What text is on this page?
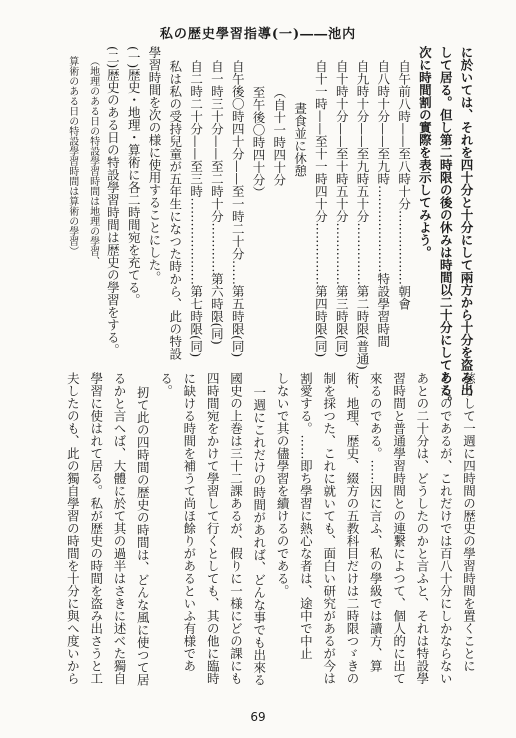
私の歴史學習指導(一)――池内
に於いては、それを四十分と十分にして兩方から十分を盗み出
して居る。但し第二時限の後の休みは時間以二十分にしてある。
次に時間割の實際を表示してみよう。
自午前八時——至八時十分………………朝會
自八時十分——至九時…………………特設學習時間
自九時十分——至九時五十分……………第二時限(普通)
自十時十分——至十時五十分……………第三時限(同)
自十一時——至十一時四十分……………第四時限(同)
晝食並に休憩
（自十一時四十分
至午後〇時四十分）
自午後〇時四十分——至一時二十分……第五時限(同)
自一時三十分——至二時十分…………第六時限(同)
自二時二十分——至三時…………………第七時限(同)
私は私の受持兒童が五年生になつた時から、此の特設
學習時間を次の様に使用することにした。
(一)歴史・地理・算術に各二時間宛を充てる。
(二)歴史のある日の特設學習時間は歴史の學習をする。
（地理のある日の特設學習時間は地理の學習、
算術のある日の特設學習時間は算術の學習）
慈うして一週に四時間の歴史の學習時間を置くことに
したのであるが、これだけでは百八十分にしかならない
あとの二十分は、どうしたのかと言ふと、それは特設學
習時間と普通學習時間との連繋によつて、個人的に出て
來るのである。……因に言ふ、私の學級では讀方、算
術、地理、歴史、綴方の五教科目だけは二時限つゞきの
制を採つた、これに就いても、面白い研究があるが今は
割愛する。……即ち學習に熱心な者は、途中で中止
しないで其の儘學習を續けるのである。
一週にこれだけの時間があれば、どんな事でも出來る
國史の上巻は三十二課あるが、假りに一様にどの課にも
四時間宛をかけて學習して行くとしても、其の他に臨時
に缺ける時間を補うて尚ほ餘りがあるといふ有様であ
る。
扨て此の四時間の歴史の時間は、どんな風に使つて居
るかと言へば、大體に於て其の過半はさきに述べた獨自
學習に使はれて居る。私が歴史の時間を盗み出さうと工
夫したのも、此の獨自學習の時間を十分に與へ度いから
69
